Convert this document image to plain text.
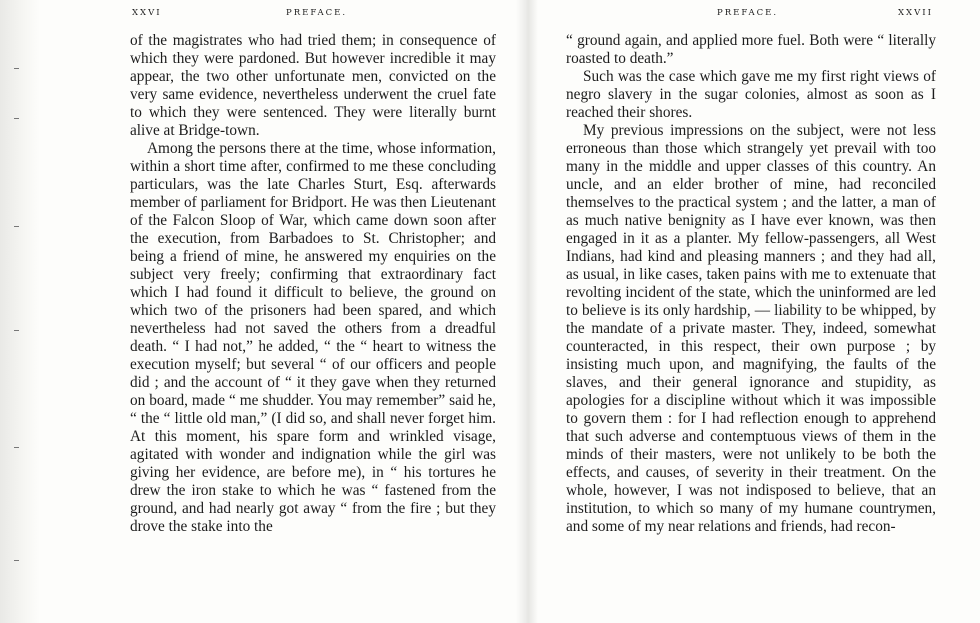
XXVI	PREFACE.

of the magistrates who had tried them; in consequence of which they were pardoned. But however incredible it may appear, the two other unfortunate men, convicted on the very same evidence, nevertheless underwent the cruel fate to which they were sentenced. They were literally burnt alive at Bridge-town.

Among the persons there at the time, whose information, within a short time after, confirmed to me these concluding particulars, was the late Charles Sturt, Esq. afterwards member of parliament for Bridport. He was then Lieutenant of the Falcon Sloop of War, which came down soon after the execution, from Barbadoes to St. Christopher; and being a friend of mine, he answered my enquiries on the subject very freely; confirming that extraordinary fact which I had found it difficult to believe, the ground on which two of the prisoners had been spared, and which nevertheless had not saved the others from a dreadful death. “ I had not,” he added, “ the “ heart to witness the execution myself; but several “ of our officers and people did ; and the account of “ it they gave when they returned on board, made “ me shudder. You may remember” said he, “ the “ little old man,” (I did so, and shall never forget him. At this moment, his spare form and wrinkled visage, agitated with wonder and indignation while the girl was giving her evidence, are before me), in “ his tortures he drew the iron stake to which he was “ fastened from the ground, and had nearly got away “ from the fire ; but they drove the stake into the

PREFACE.	XXVII

“ ground again, and applied more fuel. Both were “ literally roasted to death.”

Such was the case which gave me my first right views of negro slavery in the sugar colonies, almost as soon as I reached their shores.

My previous impressions on the subject, were not less erroneous than those which strangely yet prevail with too many in the middle and upper classes of this country. An uncle, and an elder brother of mine, had reconciled themselves to the practical system ; and the latter, a man of as much native benignity as I have ever known, was then engaged in it as a planter. My fellow-passengers, all West Indians, had kind and pleasing manners ; and they had all, as usual, in like cases, taken pains with me to extenuate that revolting incident of the state, which the uninformed are led to believe is its only hardship, — liability to be whipped, by the mandate of a private master. They, indeed, somewhat counteracted, in this respect, their own purpose ; by insisting much upon, and magnifying, the faults of the slaves, and their general ignorance and stupidity, as apologies for a discipline without which it was impossible to govern them : for I had reflection enough to apprehend that such adverse and contemptuous views of them in the minds of their masters, were not unlikely to be both the effects, and causes, of severity in their treatment. On the whole, however, I was not indisposed to believe, that an institution, to which so many of my humane countrymen, and some of my near relations and friends, had recon-
